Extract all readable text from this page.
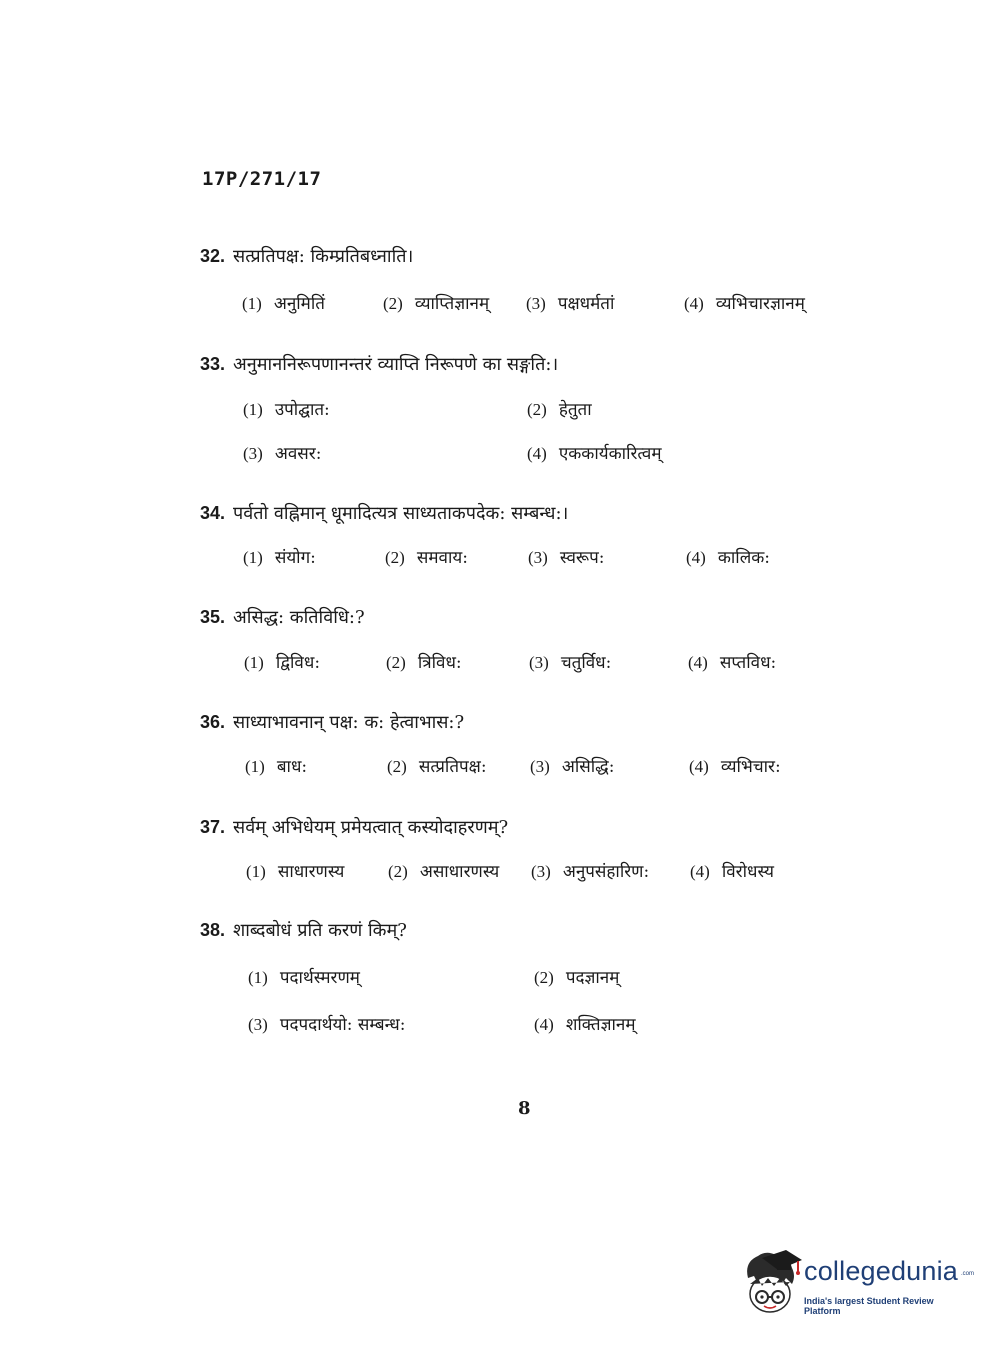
17P/271/17
32. सत्प्रतिपक्ष: किम्प्रतिबध्नाति।
(1) अनुमितिं	(2) व्याप्तिज्ञानम् (3) पक्षधर्मतां	(4) व्यभिचारज्ञानम्
33. अनुमाननिरूपणानन्तरं व्याप्ति निरूपणे का सङ्गति:।
(1) उपोद्घात:	(2) हेतुता
(3) अवसर:	(4) एककार्यकारित्वम्
34. पर्वतो वह्निमान् धूमादित्यत्र साध्यताकपदेक: सम्बन्ध:।
(1) संयोग:	(2) समवाय:	(3) स्वरूप:	(4) कालिक:
35. असिद्ध: कतिविधि:?
(1) द्विविध:	(2) त्रिविध:	(3) चतुर्विध:	(4) सप्तविध:
36. साध्याभावनान् पक्ष: क: हेत्वाभास:?
(1) बाध:	(2) सत्प्रतिपक्ष:	(3) असिद्धि:	(4) व्यभिचार:
37. सर्वम् अभिधेयम् प्रमेयत्वात् कस्योदाहरणम्?
(1) साधारणस्य	(2) असाधारणस्य (3) अनुपसंहारिण: (4) विरोधस्य
38. शाब्दबोधं प्रति करणं किम्?
(1) पदार्थस्मरणम्	(2) पदज्ञानम्
(3) पदपदार्थयो: सम्बन्ध:	(4) शक्तिज्ञानम्
8
collegedunia .com
India's largest Student Review Platform
